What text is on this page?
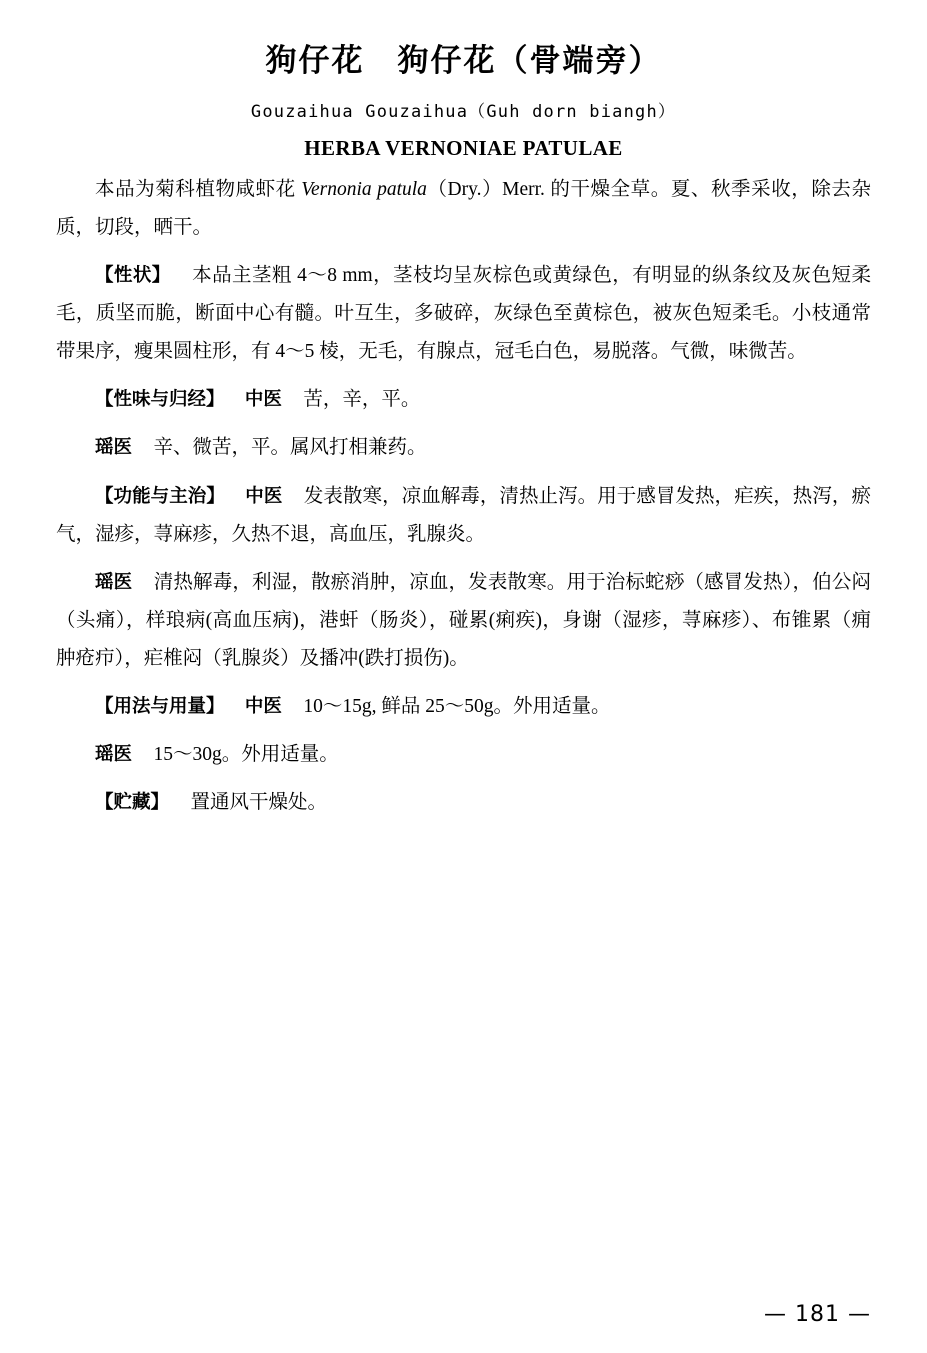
狗仔花　狗仔花（骨端旁）
Gouzaihua Gouzaihua（Guh dorn biangh）
HERBA VERNONIAE PATULAE

本品为菊科植物咸虾花 Vernonia patula（Dry.）Merr. 的干燥全草。夏、秋季采收，除去杂质，切段，晒干。

【性状】 本品主茎粗 4～8 mm，茎枝均呈灰棕色或黄绿色，有明显的纵条纹及灰色短柔毛，质坚而脆，断面中心有髓。叶互生，多破碎，灰绿色至黄棕色，被灰色短柔毛。小枝通常带果序，瘦果圆柱形，有 4～5 棱，无毛，有腺点，冠毛白色，易脱落。气微，味微苦。

【性味与归经】 中医 苦，辛，平。

瑶医 辛、微苦，平。属风打相兼药。

【功能与主治】 中医 发表散寒，凉血解毒，清热止泻。用于感冒发热，疟疾，热泻，瘀气，湿疹，荨麻疹，久热不退，高血压，乳腺炎。

瑶医 清热解毒，利湿，散瘀消肿，凉血，发表散寒。用于治标蛇痧（感冒发热），伯公闷（头痛），样琅病(高血压病)，港虷（肠炎），碰累(痢疾)，身谢（湿疹，荨麻疹）、布锥累（痈肿疮疖），疟椎闷（乳腺炎）及播冲(跌打损伤)。

【用法与用量】 中医 10～15g, 鲜品 25～50g。外用适量。

瑶医 15～30g。外用适量。

【贮藏】 置通风干燥处。

— 181 —
